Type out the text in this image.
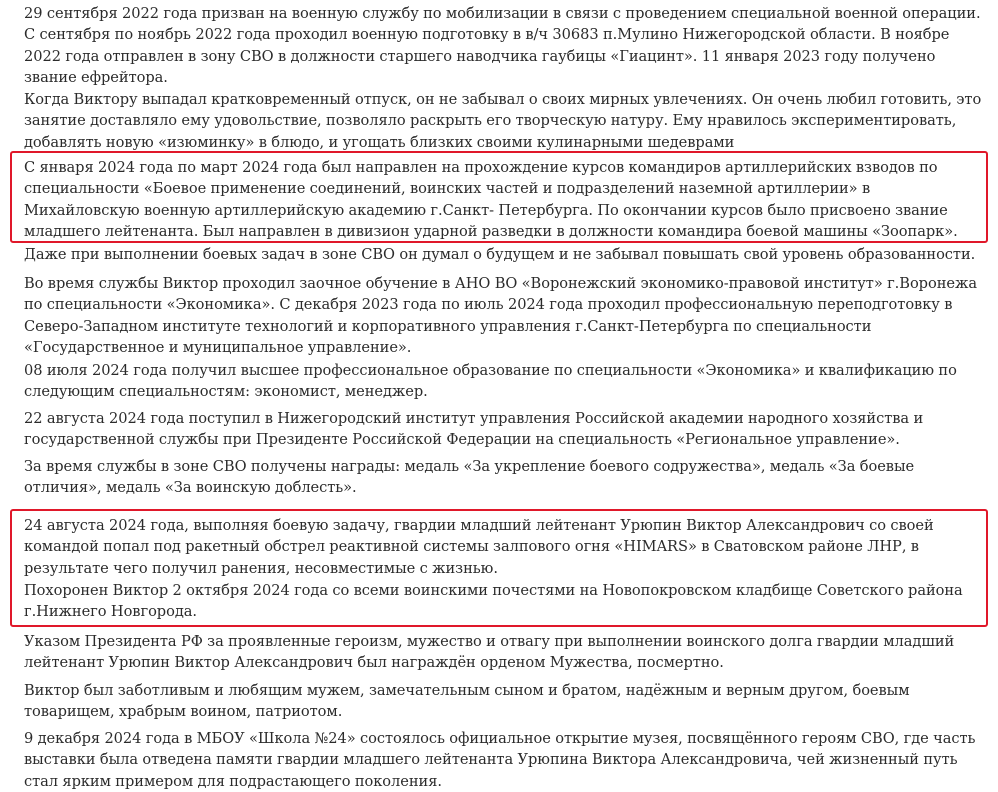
29 сентября 2022 года призван на военную службу по мобилизации в связи с проведением специальной военной операции. С сентября по ноябрь 2022 года проходил военную подготовку в в/ч 30683 п.Мулино Нижегородской области. В ноябре 2022 года отправлен в зону СВО в должности старшего наводчика гаубицы «Гиацинт». 11 января 2023 году получено звание ефрейтора.

Когда Виктору выпадал кратковременный отпуск, он не забывал о своих мирных увлечениях. Он очень любил готовить, это занятие доставляло ему удовольствие, позволяло раскрыть его творческую натуру. Ему нравилось экспериментировать, добавлять новую «изюминку» в блюдо, и угощать близких своими кулинарными шедеврами

С января 2024 года по март 2024 года был направлен на прохождение курсов командиров артиллерийских взводов по специальности «Боевое применение соединений, воинских частей и подразделений наземной артиллерии» в Михайловскую военную артиллерийскую академию г.Санкт- Петербурга. По окончании курсов было присвоено звание младшего лейтенанта. Был направлен в дивизион ударной разведки в должности командира боевой машины «Зоопарк».

Даже при выполнении боевых задач в зоне СВО он думал о будущем и не забывал повышать свой уровень образованности.

Во время службы Виктор проходил заочное обучение в АНО ВО «Воронежский экономико-правовой институт» г.Воронежа по специальности «Экономика». С декабря 2023 года по июль 2024 года проходил профессиональную переподготовку в Северо-Западном институте технологий и корпоративного управления г.Санкт-Петербурга по специальности «Государственное и муниципальное управление».

08 июля 2024 года получил высшее профессиональное образование по специальности «Экономика» и квалификацию по следующим специальностям: экономист, менеджер.

22 августа 2024 года поступил в Нижегородский институт управления Российской академии народного хозяйства и государственной службы при Президенте Российской Федерации на специальность «Региональное управление».

За время службы в зоне СВО получены награды: медаль «За укрепление боевого содружества», медаль «За боевые отличия», медаль «За воинскую доблесть».

24 августа 2024 года, выполняя боевую задачу, гвардии младший лейтенант Урюпин Виктор Александрович со своей командой попал под ракетный обстрел реактивной системы залпового огня «HIMARS» в Сватовском районе ЛНР, в результате чего получил ранения, несовместимые с жизнью.

Похоронен Виктор 2 октября 2024 года со всеми воинскими почестями на Новопокровском кладбище Советского района г.Нижнего Новгорода.

Указом Президента РФ за проявленные героизм, мужество и отвагу при выполнении воинского долга гвардии младший лейтенант Урюпин Виктор Александрович был награждён орденом Мужества, посмертно.

Виктор был заботливым и любящим мужем, замечательным сыном и братом, надёжным и верным другом, боевым товарищем, храбрым воином, патриотом.

9 декабря 2024 года в МБОУ «Школа №24» состоялось официальное открытие музея, посвящённого героям СВО, где часть выставки была отведена памяти гвардии младшего лейтенанта Урюпина Виктора Александровича, чей жизненный путь стал ярким примером для подрастающего поколения.
